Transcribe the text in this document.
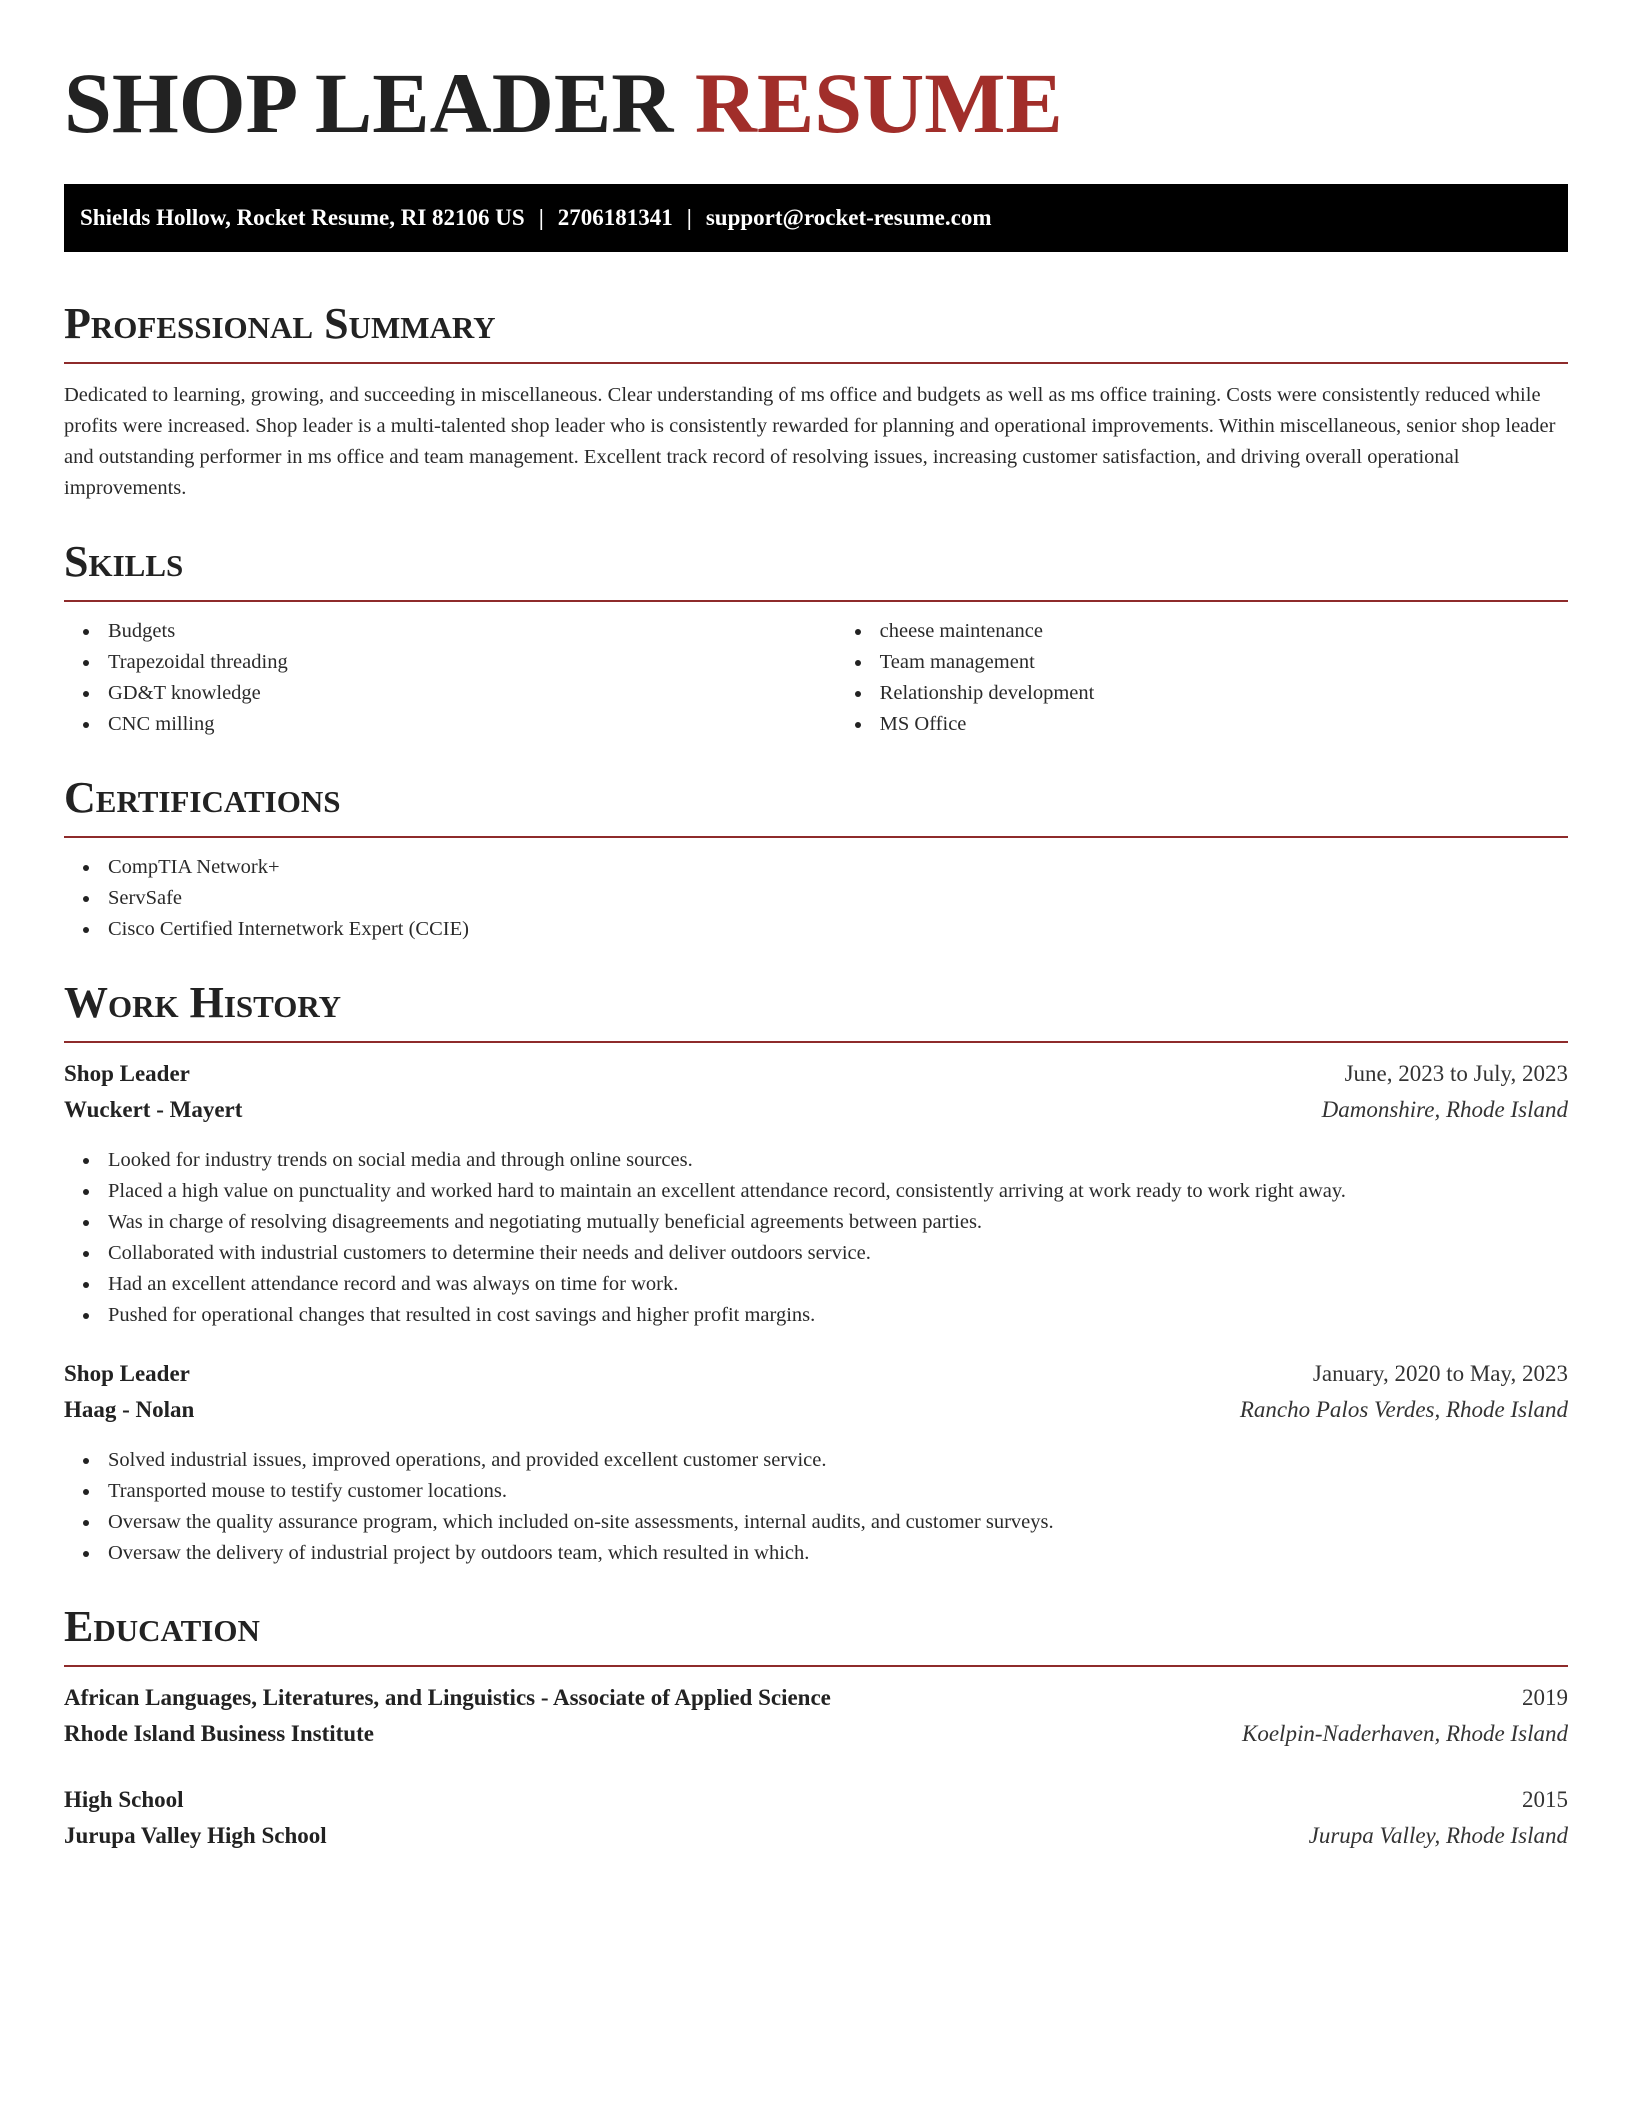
SHOP LEADER RESUME
Shields Hollow, Rocket Resume, RI 82106 US | 2706181341 | support@rocket-resume.com
Professional Summary

Dedicated to learning, growing, and succeeding in miscellaneous. Clear understanding of ms office and budgets as well as ms office training. Costs were consistently reduced while profits were increased. Shop leader is a multi-talented shop leader who is consistently rewarded for planning and operational improvements. Within miscellaneous, senior shop leader and outstanding performer in ms office and team management. Excellent track record of resolving issues, increasing customer satisfaction, and driving overall operational improvements.

Skills
Budgets
Trapezoidal threading
GD&T knowledge
CNC milling
cheese maintenance
Team management
Relationship development
MS Office
Certifications
CompTIA Network+
ServSafe
Cisco Certified Internetwork Expert (CCIE)
Work History
Shop Leader	June, 2023 to July, 2023
Wuckert - Mayert	Damonshire, Rhode Island
Looked for industry trends on social media and through online sources.
Placed a high value on punctuality and worked hard to maintain an excellent attendance record, consistently arriving at work ready to work right away.
Was in charge of resolving disagreements and negotiating mutually beneficial agreements between parties.
Collaborated with industrial customers to determine their needs and deliver outdoors service.
Had an excellent attendance record and was always on time for work.
Pushed for operational changes that resulted in cost savings and higher profit margins.
Shop Leader	January, 2020 to May, 2023
Haag - Nolan	Rancho Palos Verdes, Rhode Island
Solved industrial issues, improved operations, and provided excellent customer service.
Transported mouse to testify customer locations.
Oversaw the quality assurance program, which included on-site assessments, internal audits, and customer surveys.
Oversaw the delivery of industrial project by outdoors team, which resulted in which.
Education
African Languages, Literatures, and Linguistics - Associate of Applied Science	2019
Rhode Island Business Institute	Koelpin-Naderhaven, Rhode Island
High School	2015
Jurupa Valley High School	Jurupa Valley, Rhode Island
